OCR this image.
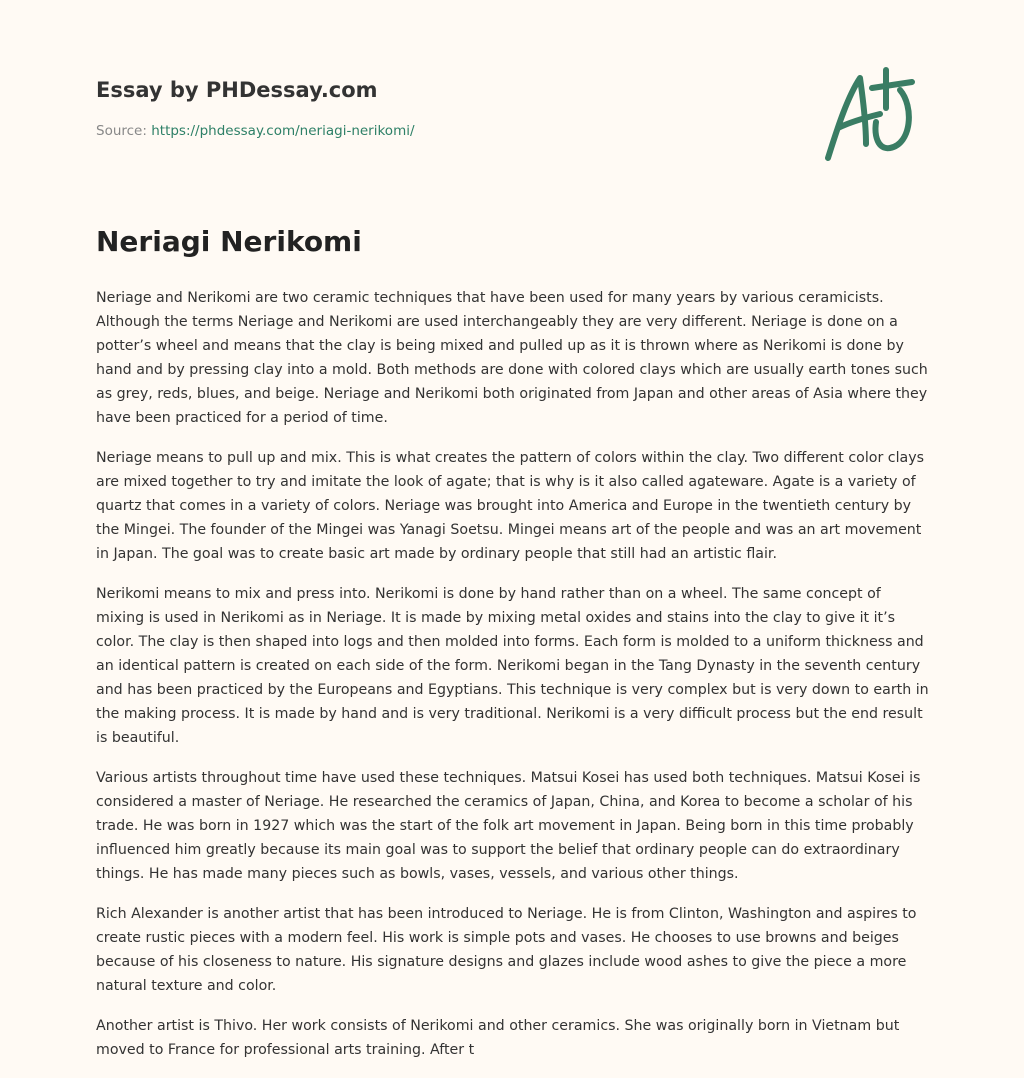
Essay by PHDessay.com
Source: https://phdessay.com/neriagi-nerikomi/
Neriagi Nerikomi

Neriage and Nerikomi are two ceramic techniques that have been used for many years by various ceramicists. Although the terms Neriage and Nerikomi are used interchangeably they are very different. Neriage is done on a potter’s wheel and means that the clay is being mixed and pulled up as it is thrown where as Nerikomi is done by hand and by pressing clay into a mold. Both methods are done with colored clays which are usually earth tones such as grey, reds, blues, and beige. Neriage and Nerikomi both originated from Japan and other areas of Asia where they have been practiced for a period of time.

Neriage means to pull up and mix. This is what creates the pattern of colors within the clay. Two different color clays are mixed together to try and imitate the look of agate; that is why is it also called agateware. Agate is a variety of quartz that comes in a variety of colors. Neriage was brought into America and Europe in the twentieth century by the Mingei. The founder of the Mingei was Yanagi Soetsu. Mingei means art of the people and was an art movement in Japan. The goal was to create basic art made by ordinary people that still had an artistic flair.

Nerikomi means to mix and press into. Nerikomi is done by hand rather than on a wheel. The same concept of mixing is used in Nerikomi as in Neriage. It is made by mixing metal oxides and stains into the clay to give it it’s color. The clay is then shaped into logs and then molded into forms. Each form is molded to a uniform thickness and an identical pattern is created on each side of the form. Nerikomi began in the Tang Dynasty in the seventh century and has been practiced by the Europeans and Egyptians. This technique is very complex but is very down to earth in the making process. It is made by hand and is very traditional. Nerikomi is a very difficult process but the end result is beautiful.

Various artists throughout time have used these techniques. Matsui Kosei has used both techniques. Matsui Kosei is considered a master of Neriage. He researched the ceramics of Japan, China, and Korea to become a scholar of his trade. He was born in 1927 which was the start of the folk art movement in Japan. Being born in this time probably influenced him greatly because its main goal was to support the belief that ordinary people can do extraordinary things. He has made many pieces such as bowls, vases, vessels, and various other things.

Rich Alexander is another artist that has been introduced to Neriage. He is from Clinton, Washington and aspires to create rustic pieces with a modern feel. His work is simple pots and vases. He chooses to use browns and beiges because of his closeness to nature. His signature designs and glazes include wood ashes to give the piece a more natural texture and color.

Another artist is Thivo. Her work consists of Nerikomi and other ceramics. She was originally born in Vietnam but moved to France for professional arts training. After t
